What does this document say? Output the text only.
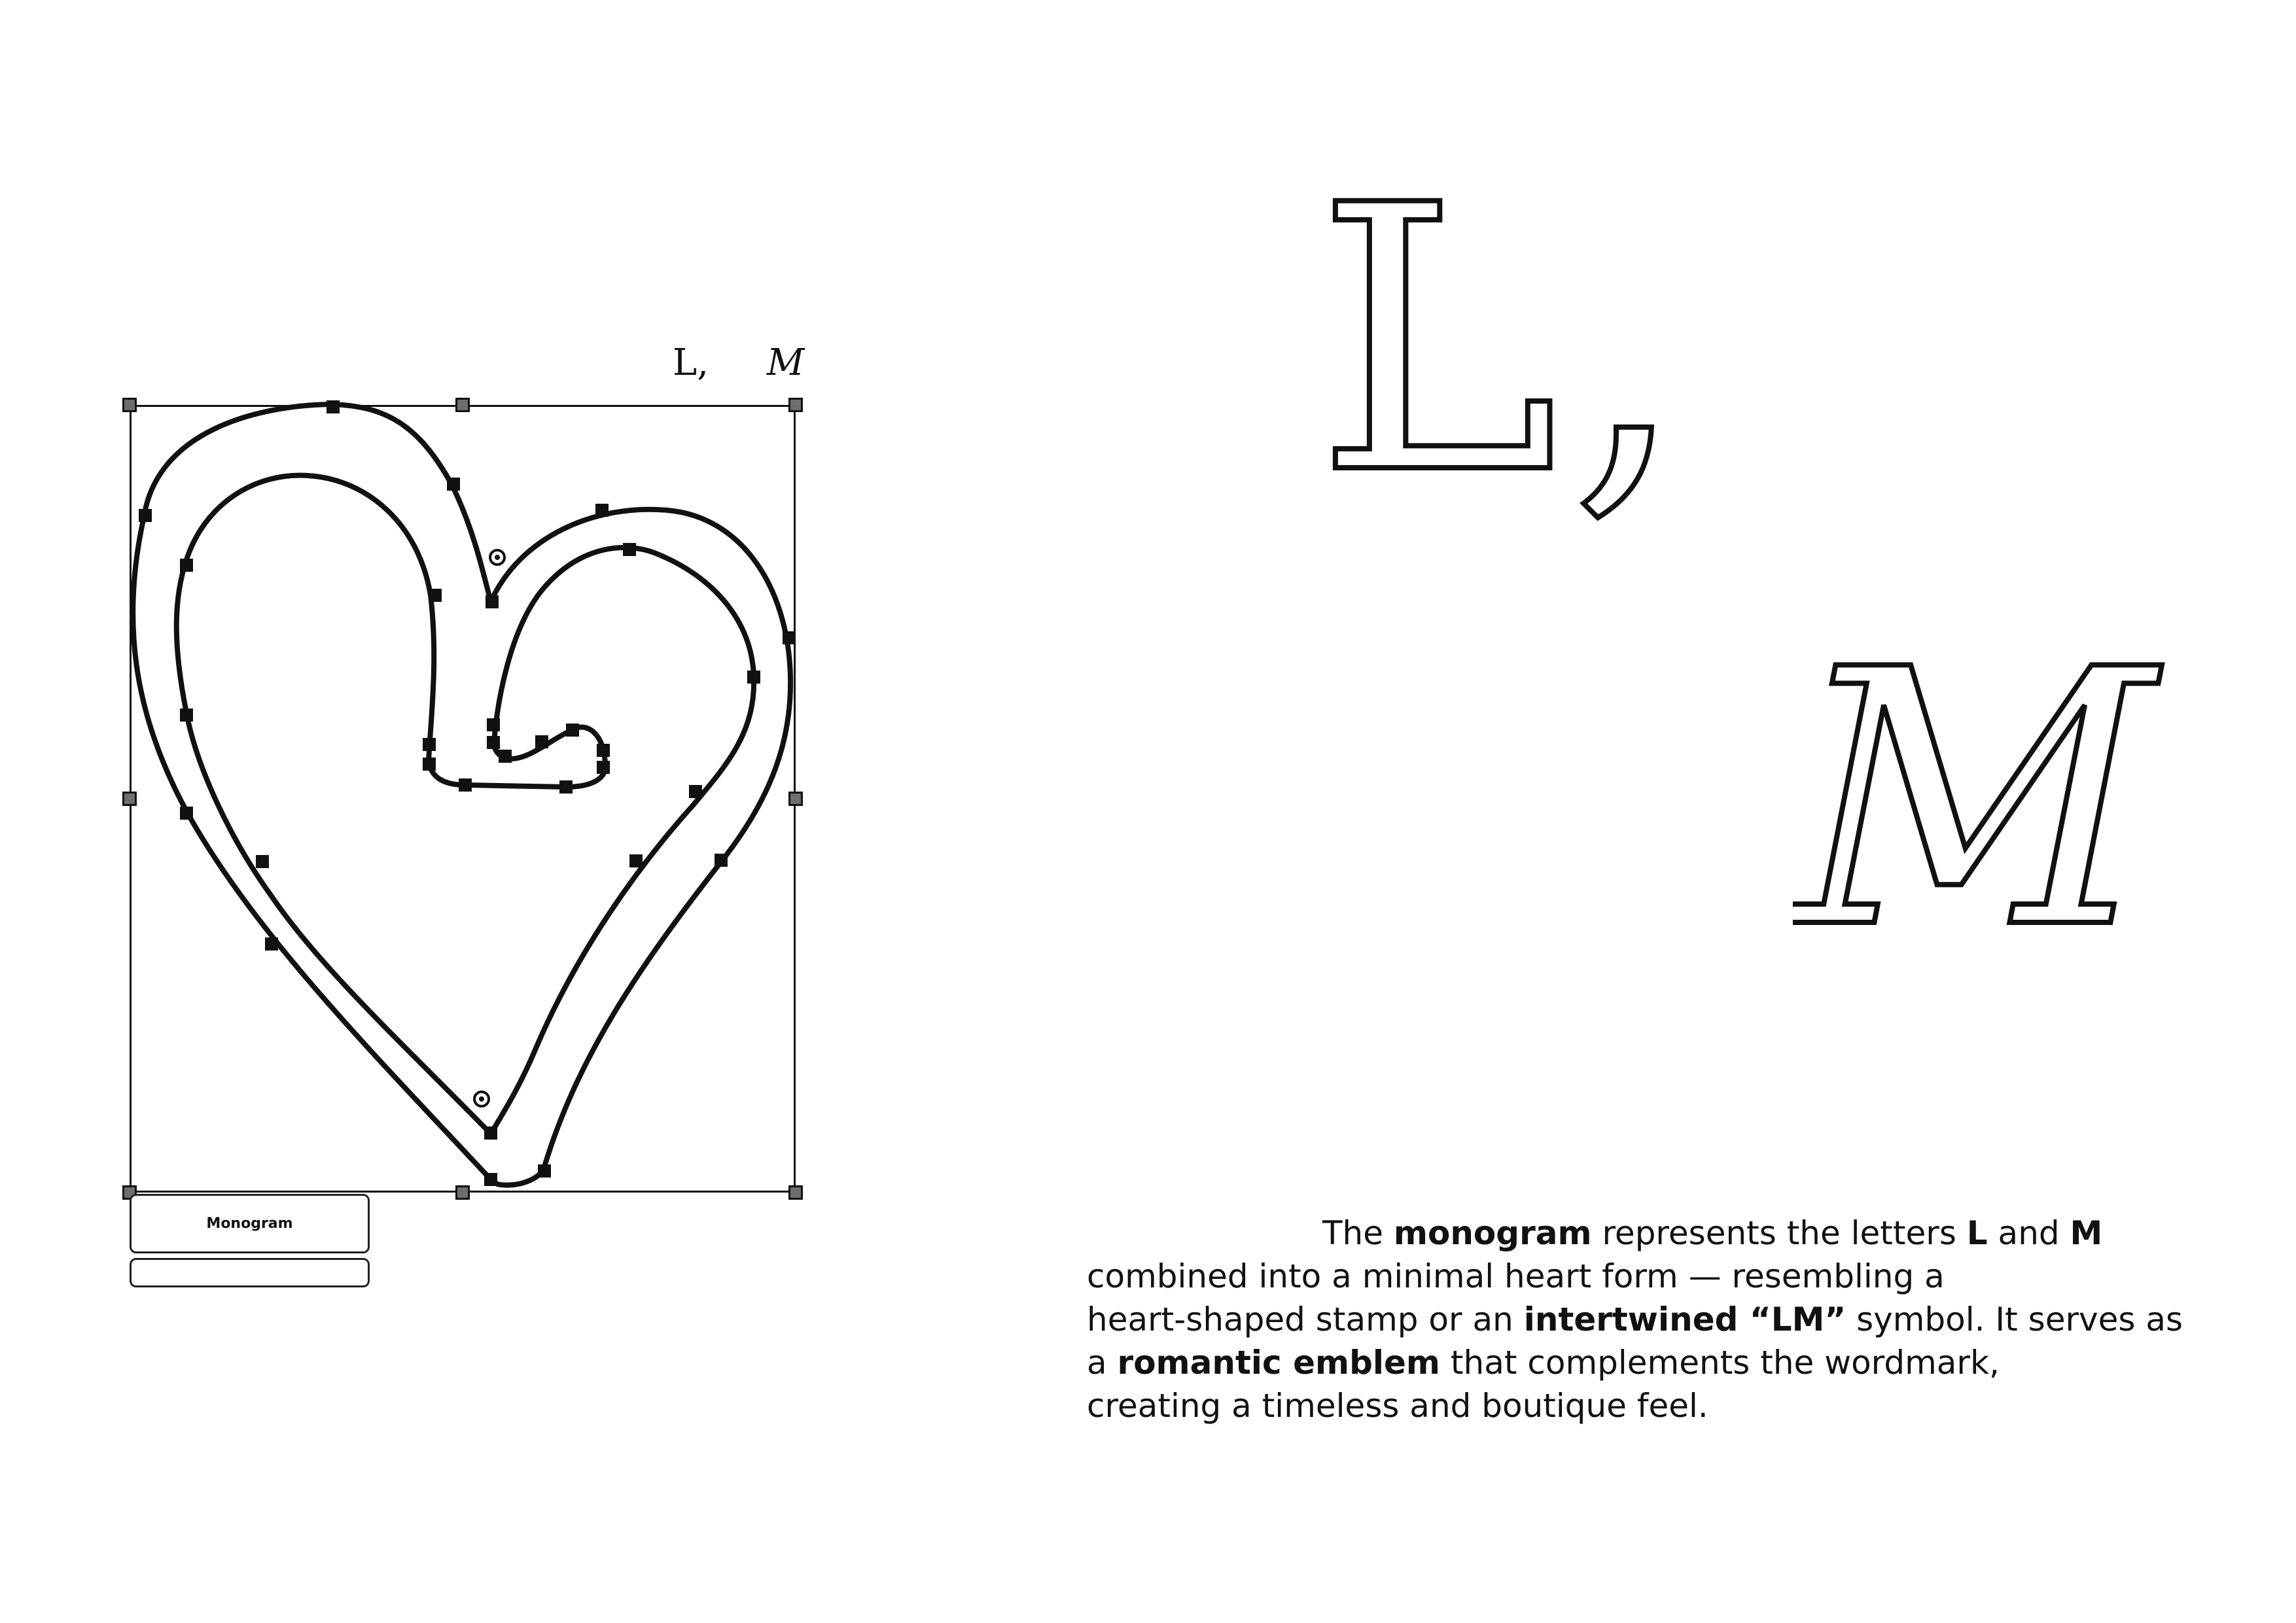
L, M
Monogram
L ,
M

The monogram represents the letters L and M

combined into a minimal heart form — resembling a

heart-shaped stamp or an intertwined “LM” symbol. It serves as

a romantic emblem that complements the wordmark,

creating a timeless and boutique feel.
